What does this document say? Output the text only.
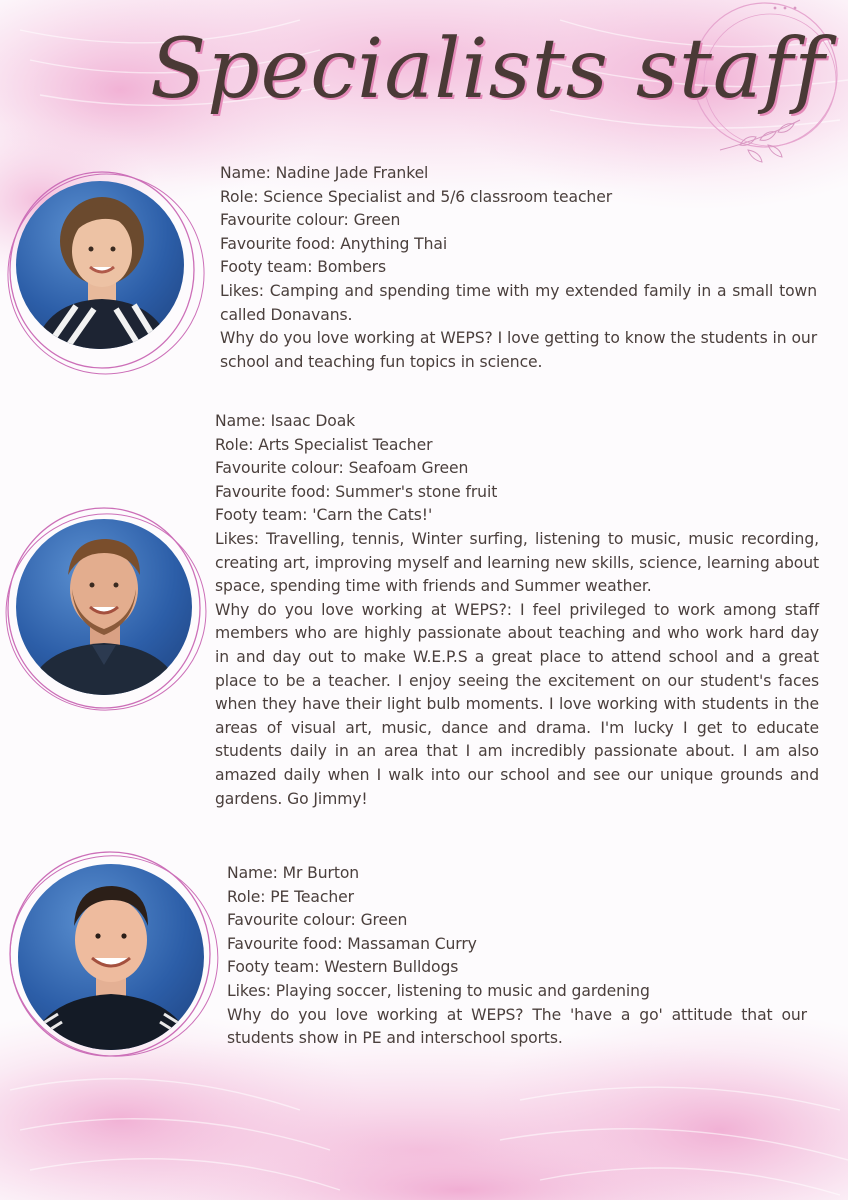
Specialists staff

Name: Nadine Jade Frankel

Role: Science Specialist and 5/6 classroom teacher

Favourite colour: Green

Favourite food: Anything Thai

Footy team: Bombers

Likes: Camping and spending time with my extended family in a small town called Donavans.

Why do you love working at WEPS? I love getting to know the students in our school and teaching fun topics in science.

Name: Isaac Doak

Role: Arts Specialist Teacher

Favourite colour: Seafoam Green

Favourite food: Summer's stone fruit

Footy team: 'Carn the Cats!'

Likes: Travelling, tennis, Winter surfing, listening to music, music recording, creating art, improving myself and learning new skills, science, learning about space, spending time with friends and Summer weather.

Why do you love working at WEPS?: I feel privileged to work among staff members who are highly passionate about teaching and who work hard day in and day out to make W.E.P.S a great place to attend school and a great place to be a teacher. I enjoy seeing the excitement on our student's faces when they have their light bulb moments. I love working with students in the areas of visual art, music, dance and drama. I'm lucky I get to educate students daily in an area that I am incredibly passionate about. I am also amazed daily when I walk into our school and see our unique grounds and gardens. Go Jimmy!

Name: Mr Burton

Role: PE Teacher

Favourite colour: Green

Favourite food: Massaman Curry

Footy team: Western Bulldogs

Likes: Playing soccer, listening to music and gardening

Why do you love working at WEPS? The 'have a go' attitude that our students show in PE and interschool sports.
